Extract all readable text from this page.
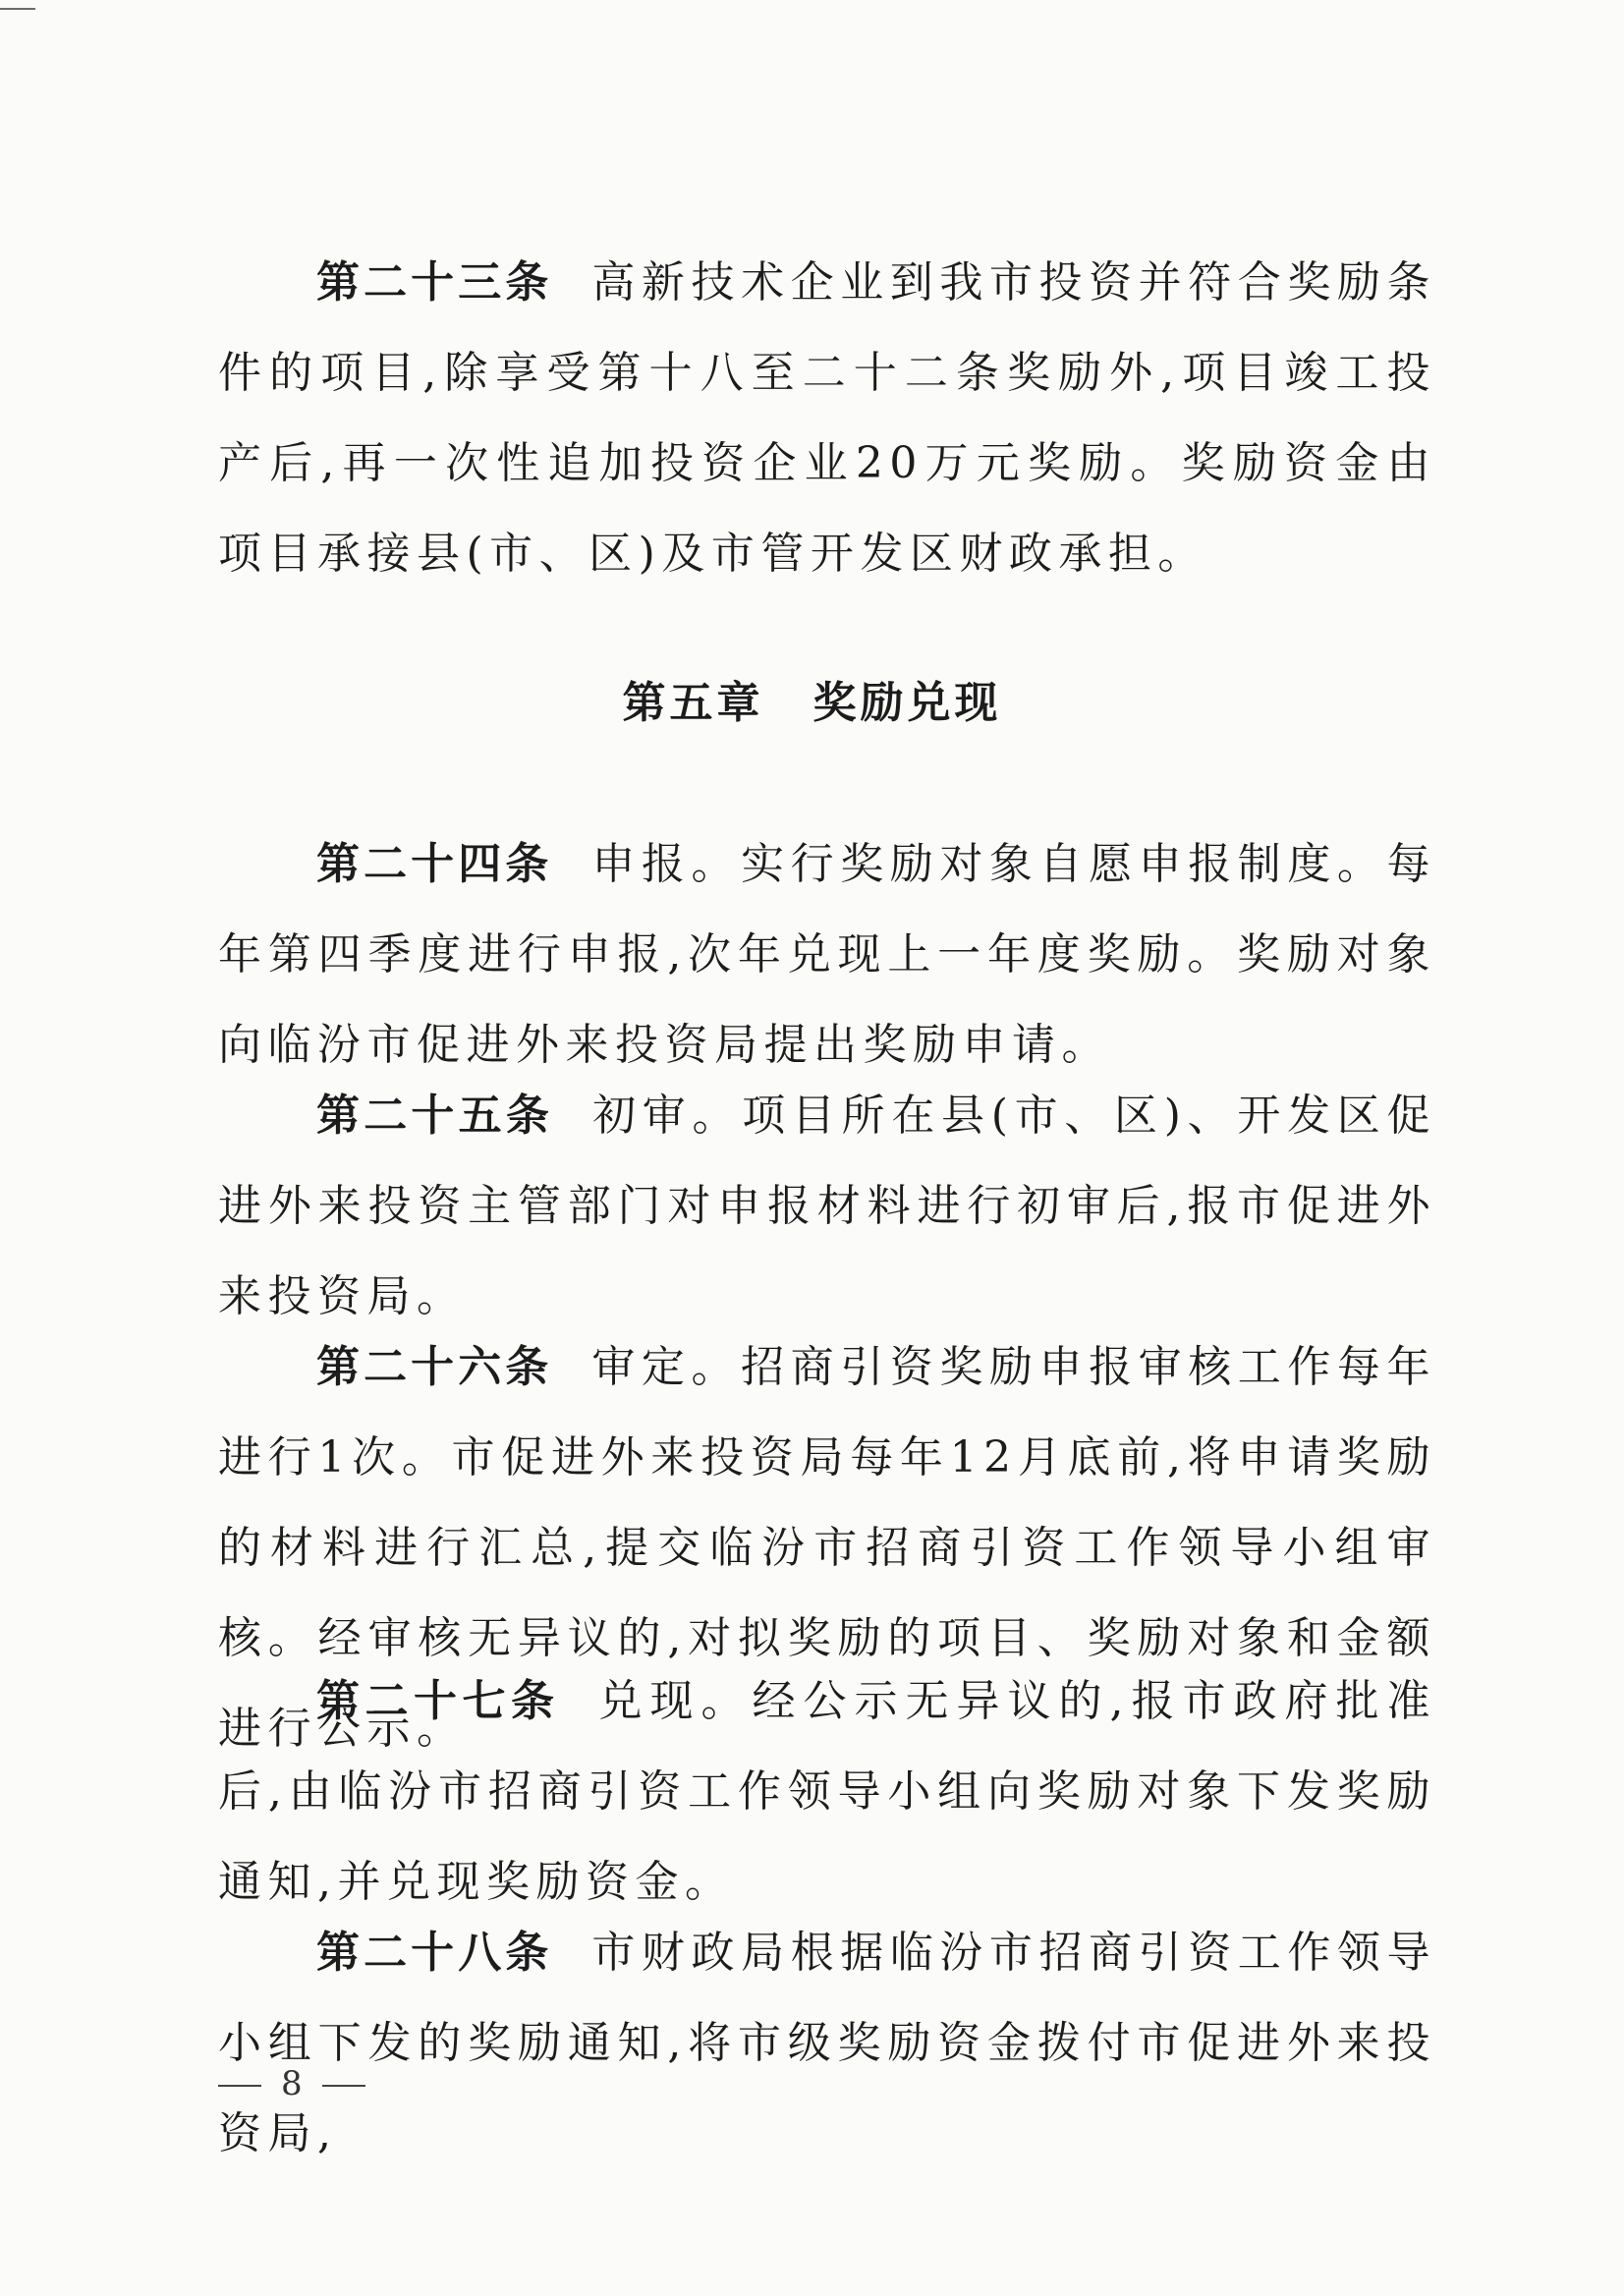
第二十三条 高新技术企业到我市投资并符合奖励条件的项目,除享受第十八至二十二条奖励外,项目竣工投产后,再一次性追加投资企业20万元奖励。奖励资金由项目承接县(市、区)及市管开发区财政承担。

第五章 奖励兑现

第二十四条 申报。实行奖励对象自愿申报制度。每年第四季度进行申报,次年兑现上一年度奖励。奖励对象向临汾市促进外来投资局提出奖励申请。

第二十五条 初审。项目所在县(市、区)、开发区促进外来投资主管部门对申报材料进行初审后,报市促进外来投资局。

第二十六条 审定。招商引资奖励申报审核工作每年进行1次。市促进外来投资局每年12月底前,将申请奖励的材料进行汇总,提交临汾市招商引资工作领导小组审核。经审核无异议的,对拟奖励的项目、奖励对象和金额进行公示。

第二十七条 兑现。经公示无异议的,报市政府批准后,由临汾市招商引资工作领导小组向奖励对象下发奖励通知,并兑现奖励资金。

第二十八条 市财政局根据临汾市招商引资工作领导小组下发的奖励通知,将市级奖励资金拨付市促进外来投资局,

8
